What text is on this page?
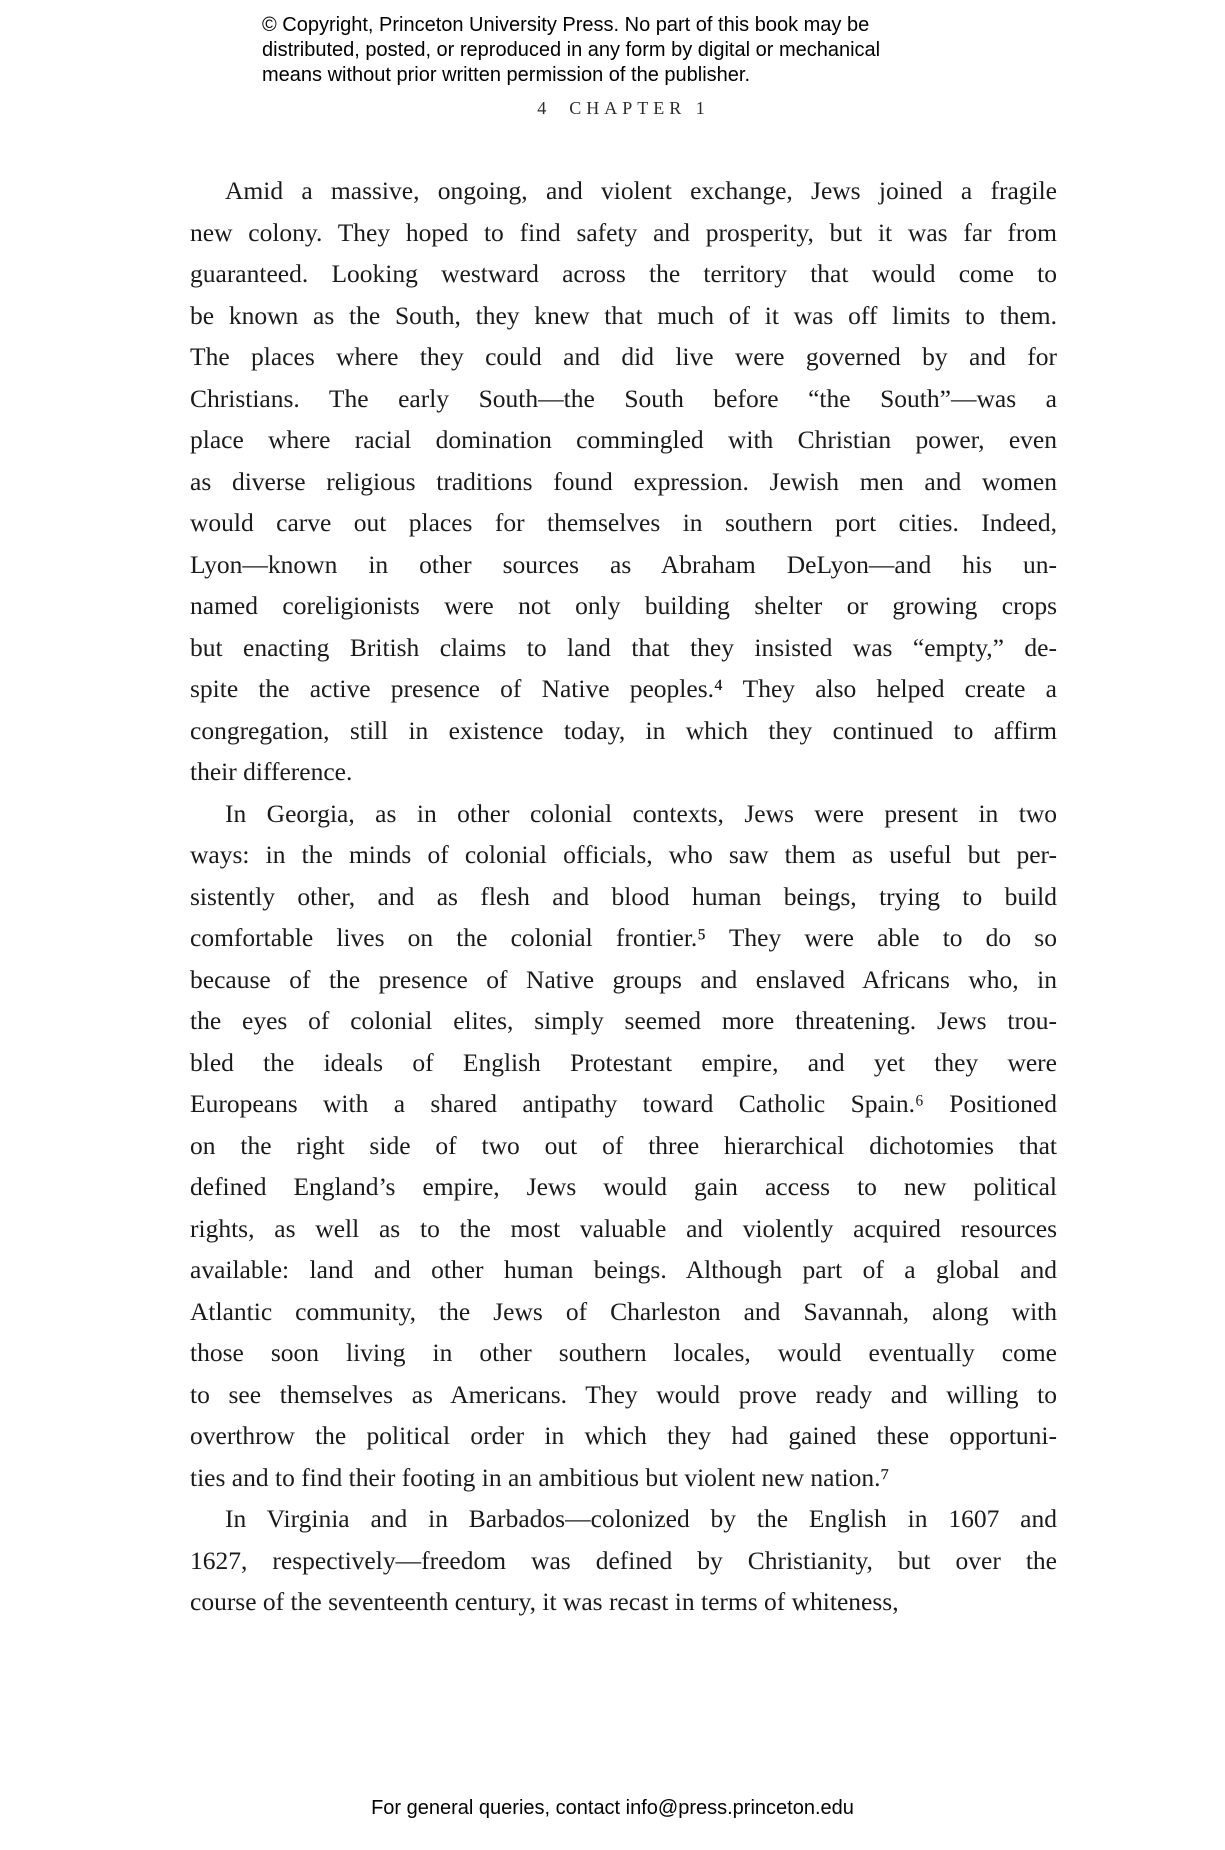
© Copyright, Princeton University Press. No part of this book may be
distributed, posted, or reproduced in any form by digital or mechanical
means without prior written permission of the publisher.
4 CHAPTER 1
Amid a massive, ongoing, and violent exchange, Jews joined a fragile
new colony. They hoped to find safety and prosperity, but it was far from
guaranteed. Looking westward across the territory that would come to
be known as the South, they knew that much of it was off limits to them.
The places where they could and did live were governed by and for
Christians. The early South—the South before “the South”—was a
place where racial domination commingled with Christian power, even
as diverse religious traditions found expression. Jewish men and women
would carve out places for themselves in southern port cities. Indeed,
Lyon—known in other sources as Abraham DeLyon—and his un-
named coreligionists were not only building shelter or growing crops
but enacting British claims to land that they insisted was “empty,” de-
spite the active presence of Native peoples.⁴ They also helped create a
congregation, still in existence today, in which they continued to affirm
their difference.
In Georgia, as in other colonial contexts, Jews were present in two
ways: in the minds of colonial officials, who saw them as useful but per-
sistently other, and as flesh and blood human beings, trying to build
comfortable lives on the colonial frontier.⁵ They were able to do so
because of the presence of Native groups and enslaved Africans who, in
the eyes of colonial elites, simply seemed more threatening. Jews trou-
bled the ideals of English Protestant empire, and yet they were
Europeans with a shared antipathy toward Catholic Spain.⁶ Positioned
on the right side of two out of three hierarchical dichotomies that
defined England’s empire, Jews would gain access to new political
rights, as well as to the most valuable and violently acquired resources
available: land and other human beings. Although part of a global and
Atlantic community, the Jews of Charleston and Savannah, along with
those soon living in other southern locales, would eventually come
to see themselves as Americans. They would prove ready and willing to
overthrow the political order in which they had gained these opportuni-
ties and to find their footing in an ambitious but violent new nation.⁷
In Virginia and in Barbados—colonized by the English in 1607 and
1627, respectively—freedom was defined by Christianity, but over the
course of the seventeenth century, it was recast in terms of whiteness,
For general queries, contact info@press.princeton.edu
